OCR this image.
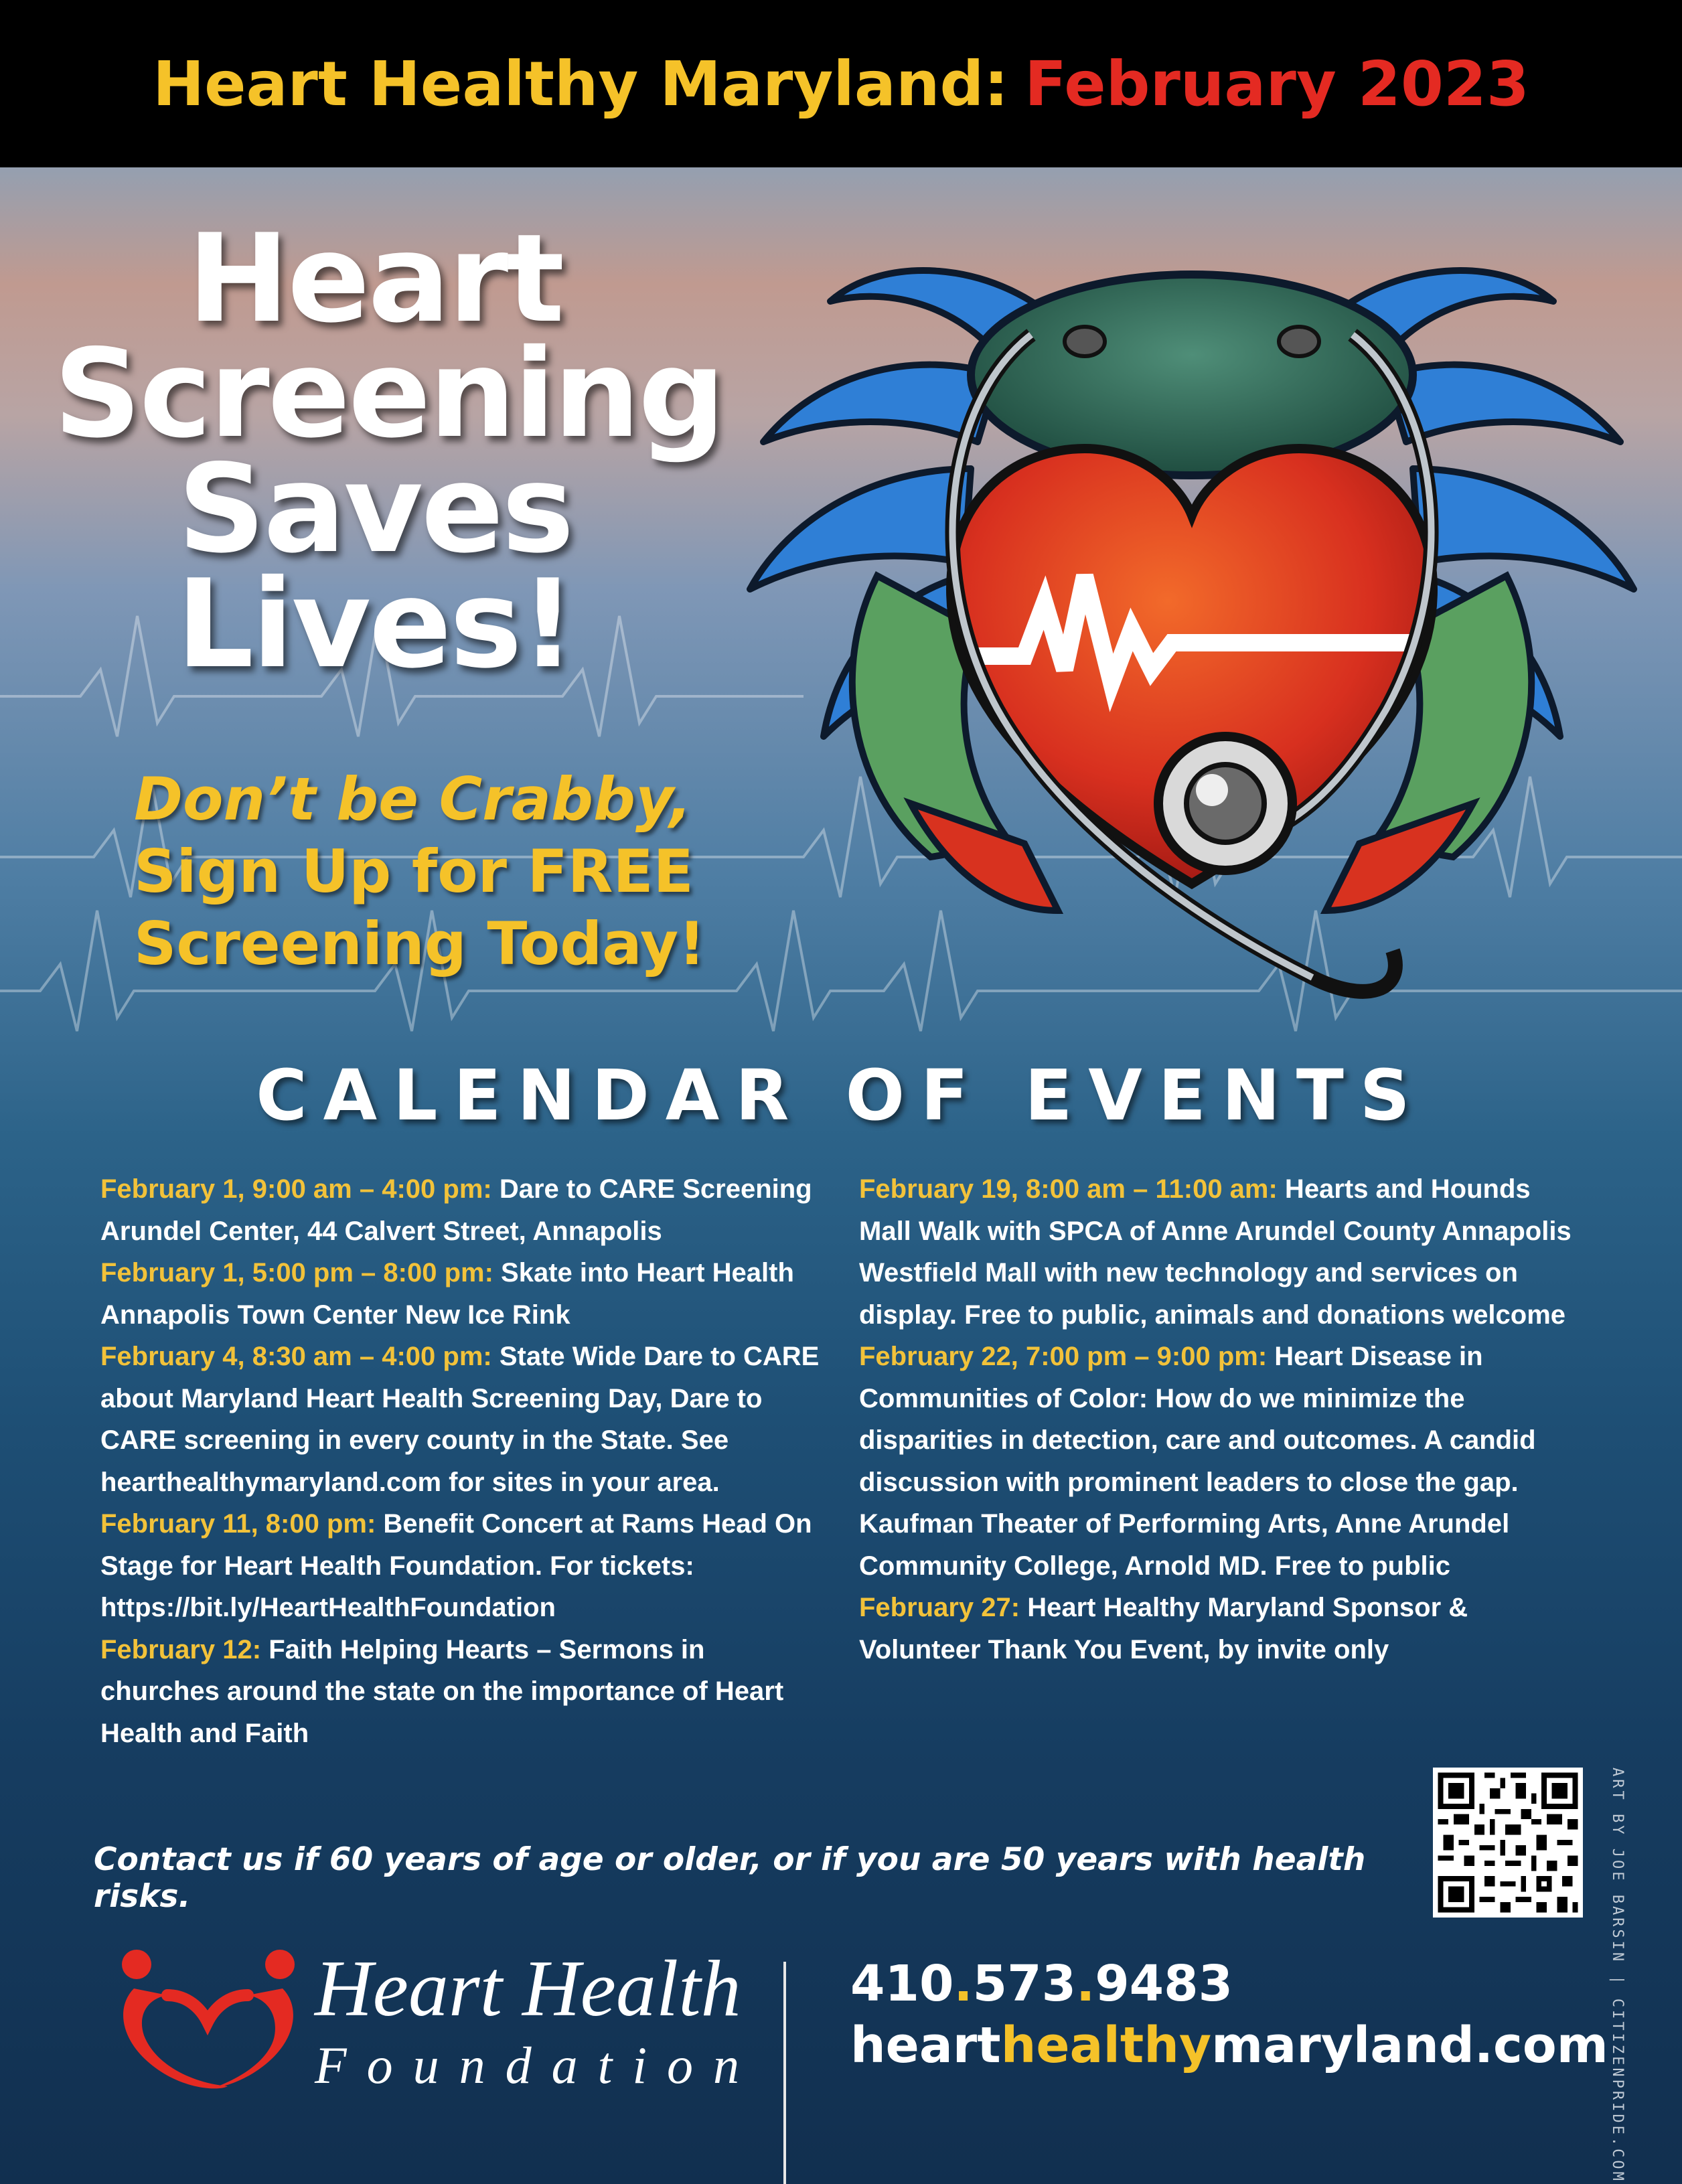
Heart Healthy Maryland: February 2023
Heart
Screening
Saves
Lives!
Don’t be Crabby,
Sign Up for FREE
Screening Today!
CALENDAR OF EVENTS
February 1, 9:00 am – 4:00 pm: Dare to CARE Screening Arundel Center, 44 Calvert Street, Annapolis
February 1, 5:00 pm – 8:00 pm: Skate into Heart Health Annapolis Town Center New Ice Rink
February 4, 8:30 am – 4:00 pm: State Wide Dare to CARE about Maryland Heart Health Screening Day, Dare to CARE screening in every county in the State. See hearthealthymaryland.com for sites in your area.
February 11, 8:00 pm: Benefit Concert at Rams Head On Stage for Heart Health Foundation. For tickets: https://bit.ly/HeartHealthFoundation
February 12: Faith Helping Hearts – Sermons in churches around the state on the importance of Heart Health and Faith
February 19, 8:00 am – 11:00 am: Hearts and Hounds Mall Walk with SPCA of Anne Arundel County Annapolis Westfield Mall with new technology and services on display. Free to public, animals and donations welcome
February 22, 7:00 pm – 9:00 pm: Heart Disease in Communities of Color: How do we minimize the disparities in detection, care and outcomes. A candid discussion with prominent leaders to close the gap. Kaufman Theater of Performing Arts, Anne Arundel Community College, Arnold MD. Free to public
February 27: Heart Healthy Maryland Sponsor & Volunteer Thank You Event, by invite only
Contact us if 60 years of age or older, or if you are 50 years with health risks.	ART BY JOE BARSIN | CITIZENPRIDE.COM
Heart Health
Foundation
410.573.9483
hearthealthymaryland.com
